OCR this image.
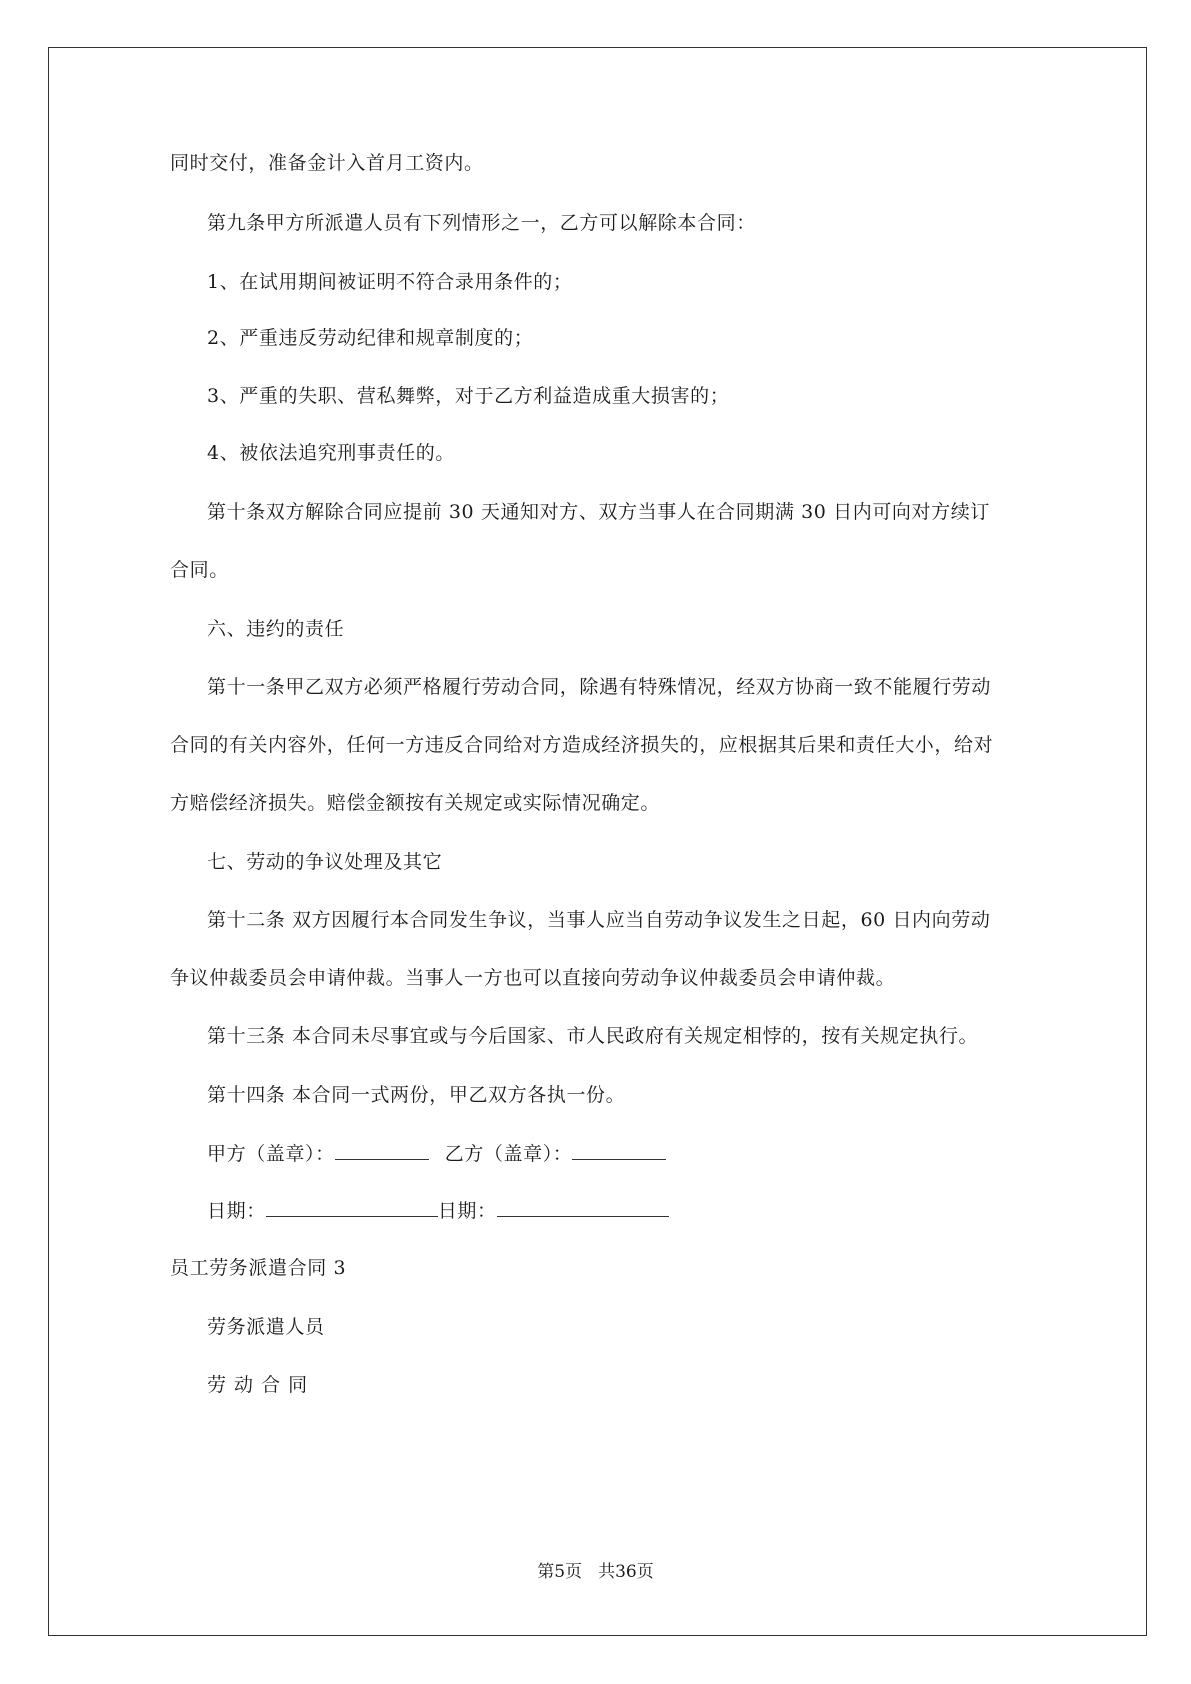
同时交付，准备金计入首月工资内。
第九条甲方所派遣人员有下列情形之一，乙方可以解除本合同：
1、在试用期间被证明不符合录用条件的；
2、严重违反劳动纪律和规章制度的；
3、严重的失职、营私舞弊，对于乙方利益造成重大损害的；
4、被依法追究刑事责任的。
第十条双方解除合同应提前 30 天通知对方、双方当事人在合同期满 30 日内可向对方续订
合同。
六、违约的责任
第十一条甲乙双方必须严格履行劳动合同，除遇有特殊情况，经双方协商一致不能履行劳动
合同的有关内容外，任何一方违反合同给对方造成经济损失的，应根据其后果和责任大小，给对
方赔偿经济损失。赔偿金额按有关规定或实际情况确定。
七、劳动的争议处理及其它
第十二条 双方因履行本合同发生争议，当事人应当自劳动争议发生之日起，60 日内向劳动
争议仲裁委员会申请仲裁。当事人一方也可以直接向劳动争议仲裁委员会申请仲裁。
第十三条 本合同未尽事宜或与今后国家、市人民政府有关规定相悖的，按有关规定执行。
第十四条 本合同一式两份，甲乙双方各执一份。
甲方（盖章）：	乙方（盖章）：
日期：	日期：
员工劳务派遣合同 3
劳务派遣人员
劳 动 合 同
第5页 共36页
